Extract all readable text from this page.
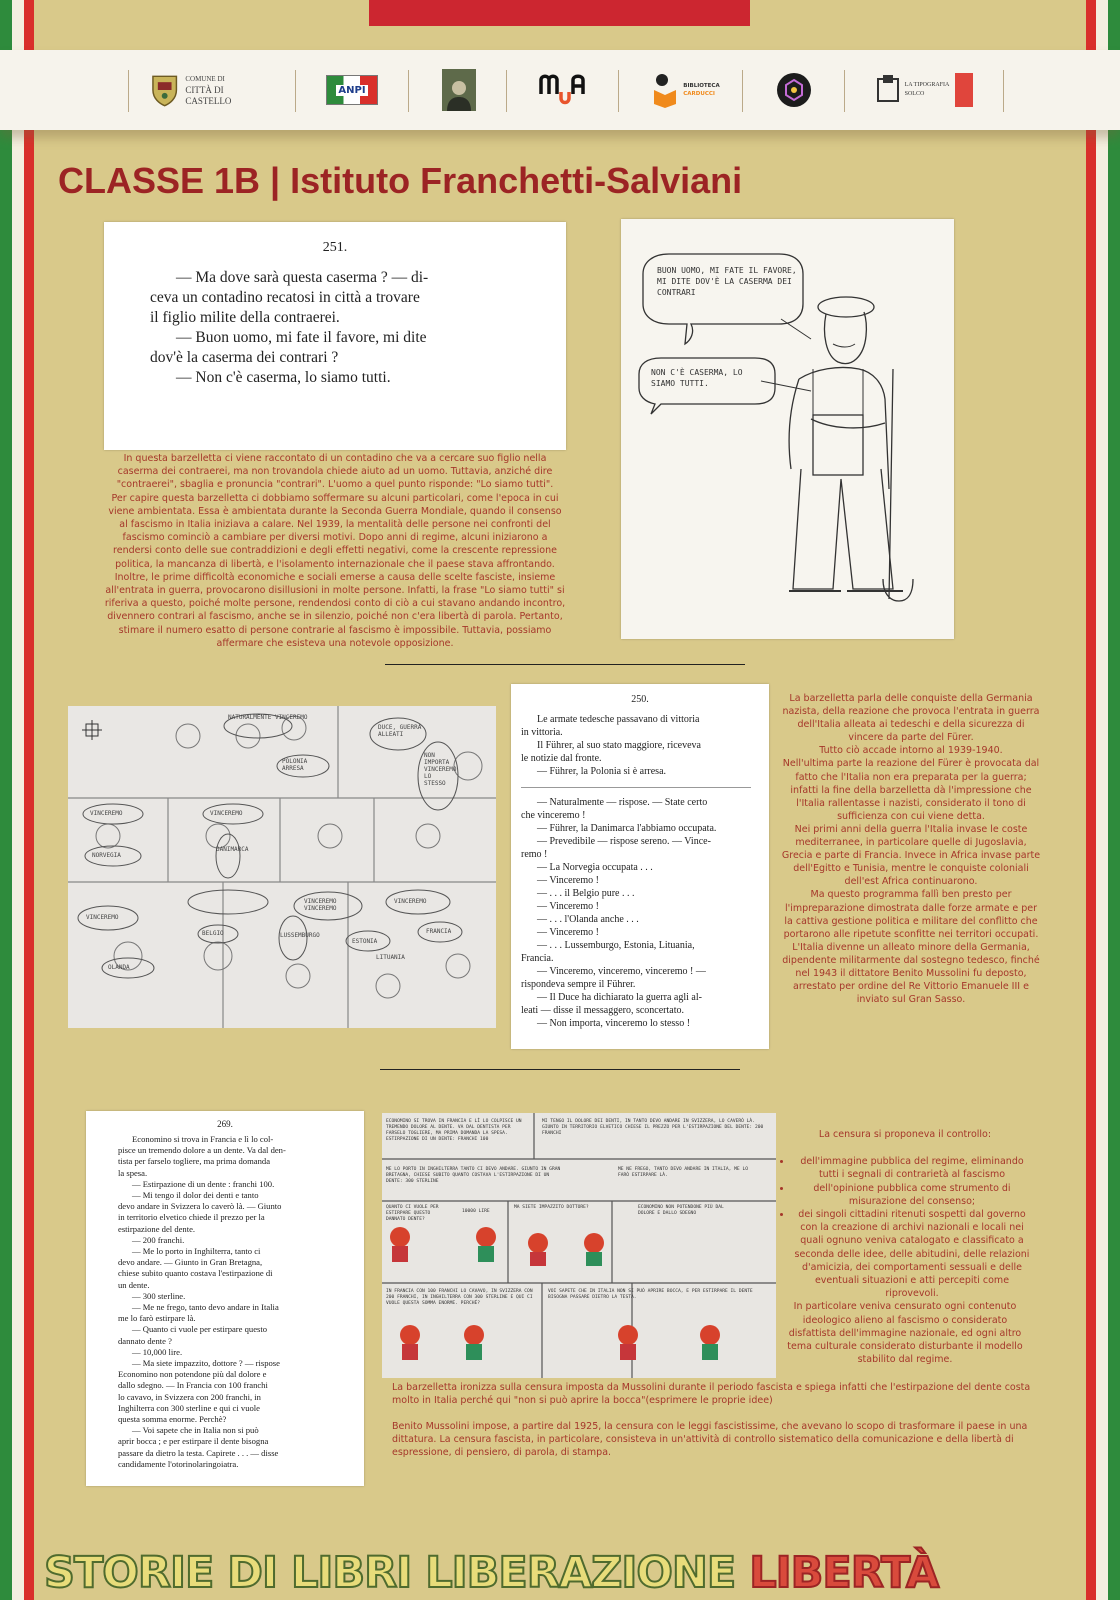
COMUNE DI
CITTÀ DI CASTELLO
ANPI	BIBLIOTECA
CARDUCCI
LA TIPOGRAFIA
SOLCO
CLASSE 1B | Istituto Franchetti-Salviani
251.
— Ma dove sarà questa caserma ? — di-
ceva un contadino recatosi in città a trovare
il figlio milite della contraerei.
— Buon uomo, mi fate il favore, mi dite
dov'è la caserma dei contrari ?
— Non c'è caserma, lo siamo tutti.

In questa barzelletta ci viene raccontato di un contadino che va a cercare suo figlio nella caserma dei contraerei, ma non trovandola chiede aiuto ad un uomo. Tuttavia, anziché dire "contraerei", sbaglia e pronuncia "contrari". L'uomo a quel punto risponde: "Lo siamo tutti".
Per capire questa barzelletta ci dobbiamo soffermare su alcuni particolari, come l'epoca in cui viene ambientata. Essa è ambientata durante la Seconda Guerra Mondiale, quando il consenso al fascismo in Italia iniziava a calare. Nel 1939, la mentalità delle persone nei confronti del fascismo cominciò a cambiare per diversi motivi. Dopo anni di regime, alcuni iniziarono a rendersi conto delle sue contraddizioni e degli effetti negativi, come la crescente repressione politica, la mancanza di libertà, e l'isolamento internazionale che il paese stava affrontando. Inoltre, le prime difficoltà economiche e sociali emerse a causa delle scelte fasciste, insieme all'entrata in guerra, provocarono disillusioni in molte persone. Infatti, la frase "Lo siamo tutti" si riferiva a questo, poiché molte persone, rendendosi conto di ciò a cui stavano andando incontro, divennero contrari al fascismo, anche se in silenzio, poiché non c'era libertà di parola. Pertanto, stimare il numero esatto di persone contrarie al fascismo è impossibile. Tuttavia, possiamo affermare che esisteva una notevole opposizione.

BUON UOMO, MI FATE IL FAVORE, MI DITE DOV'È LA CASERMA DEI CONTRARI
NON C'È CASERMA, LO SIAMO TUTTI.
NATURALMENTE VINCEREMO
DUCE, GUERRA ALLEATI
POLONIA ARRESA
NON IMPORTA VINCEREMO LO STESSO
VINCEREMO	VINCEREMO
NORVEGIA
DANIMARCA
VINCEREMO
BELGIO
VINCEREMO VINCEREMO
VINCEREMO
OLANDA
LUSSEMBURGO
ESTONIA
LITUANIA
FRANCIA
250.
Le armate tedesche passavano di vittoria
in vittoria.
Il Führer, al suo stato maggiore, riceveva
le notizie dal fronte.
— Führer, la Polonia si è arresa.
— Naturalmente — rispose. — State certo
che vinceremo !
— Führer, la Danimarca l'abbiamo occupata.
— Prevedibile — rispose sereno. — Vince-
remo !
— La Norvegia occupata . . .
— Vinceremo !
— . . . il Belgio pure . . .
— Vinceremo !
— . . . l'Olanda anche . . .
— Vinceremo !
— . . . Lussemburgo, Estonia, Lituania,
Francia.
— Vinceremo, vinceremo, vinceremo ! —
rispondeva sempre il Führer.
— Il Duce ha dichiarato la guerra agli al-
leati — disse il messaggero, sconcertato.
— Non importa, vinceremo lo stesso !

La barzelletta parla delle conquiste della Germania nazista, della reazione che provoca l'entrata in guerra dell'Italia alleata ai tedeschi e della sicurezza di vincere da parte del Fürer.
Tutto ciò accade intorno al 1939-1940.
Nell'ultima parte la reazione del Fürer è provocata dal fatto che l'Italia non era preparata per la guerra; infatti la fine della barzelletta dà l'impressione che l'Italia rallentasse i nazisti, considerato il tono di sufficienza con cui viene detta.
Nei primi anni della guerra l'Italia invase le coste mediterranee, in particolare quelle di Jugoslavia, Grecia e parte di Francia. Invece in Africa invase parte dell'Egitto e Tunisia, mentre le conquiste coloniali dell'est Africa continuarono.
Ma questo programma fallì ben presto per l'impreparazione dimostrata dalle forze armate e per la cattiva gestione politica e militare del conflitto che portarono alle ripetute sconfitte nei territori occupati.
L'Italia divenne un alleato minore della Germania, dipendente militarmente dal sostegno tedesco, finché nel 1943 il dittatore Benito Mussolini fu deposto, arrestato per ordine del Re Vittorio Emanuele III e inviato sul Gran Sasso.

269.
Economino si trova in Francia e lì lo col-
pisce un tremendo dolore a un dente. Va dal den-
tista per farselo togliere, ma prima domanda
la spesa.
— Estirpazione di un dente : franchi 100.
— Mi tengo il dolor dei denti e tanto
devo andare in Svizzera lo caverò là. — Giunto
in territorio elvetico chiede il prezzo per la
estirpazione del dente.
— 200 franchi.
— Me lo porto in Inghilterra, tanto ci
devo andare. — Giunto in Gran Bretagna,
chiese subito quanto costava l'estirpazione di
un dente.
— 300 sterline.
— Me ne frego, tanto devo andare in Italia
me lo farò estirpare là.
— Quanto ci vuole per estirpare questo
dannato dente ?
— 10,000 lire.
— Ma siete impazzito, dottore ? — rispose
Economino non potendone più dal dolore e
dallo sdegno. — In Francia con 100 franchi
lo cavavo, in Svizzera con 200 franchi, in
Inghilterra con 300 sterline e qui ci vuole
questa somma enorme. Perchè?
— Voi sapete che in Italia non si può
aprir bocca ; e per estirpare il dente bisogna
passare da dietro la testa. Capirete . . . — disse
candidamente l'otorinolaringoiatra.
ECONOMINO SI TROVA IN FRANCIA E LÌ LO COLPISCE UN TREMENDO DOLORE AL DENTE. VA DAL DENTISTA PER FARSELO TOGLIERE, MA PRIMA DOMANDA LA SPESA. ESTIRPAZIONE DI UN DENTE: FRANCHI 100
MI TENGO IL DOLORE DEI DENTI, IN TANTO DEVO ANDARE IN SVIZZERA, LO CAVERÒ LÀ. GIUNTO IN TERRITORIO ELVETICO CHIESE IL PREZZO PER L'ESTIRPAZIONE DEL DENTE: 200 FRANCHI
ME LO PORTO IN INGHILTERRA TANTO CI DEVO ANDARE. GIUNTO IN GRAN BRETAGNA, CHIESE SUBITO QUANTO COSTAVA L'ESTIRPAZIONE DI UN DENTE: 300 STERLINE
ME NE FREGO, TANTO DEVO ANDARE IN ITALIA, ME LO FARÒ ESTIRPARE LÀ.
QUANTO CI VUOLE PER ESTIRPARE QUESTO DANNATO DENTE?
10000 LIRE
MA SIETE IMPAZZITO DOTTORE?	ECONOMINO NON POTENDONE PIÙ DAL DOLORE E DALLO SDEGNO
IN FRANCIA CON 100 FRANCHI LO CAVAVO, IN SVIZZERA CON 200 FRANCHI, IN INGHILTERRA CON 300 STERLINE E QUI CI VUOLE QUESTA SOMMA ENORME. PERCHÉ?
VOI SAPETE CHE IN ITALIA NON SI PUÒ APRIRE BOCCA, E PER ESTIRPARE IL DENTE BISOGNA PASSARE DIETRO LA TESTA.
La censura si proponeva il controllo:
• dell'immagine pubblica del regime, eliminando tutti i segnali di contrarietà al fascismo
• dell'opinione pubblica come strumento di misurazione del consenso;
• dei singoli cittadini ritenuti sospetti dal governo con la creazione di archivi nazionali e locali nei quali ognuno veniva catalogato e classificato a seconda delle idee, delle abitudini, delle relazioni d'amicizia, dei comportamenti sessuali e delle eventuali situazioni e atti percepiti come riprovevoli.
In particolare veniva censurato ogni contenuto ideologico alieno al fascismo o considerato disfattista dell'immagine nazionale, ed ogni altro tema culturale considerato disturbante il modello stabilito dal regime.
La barzelletta ironizza sulla censura imposta da Mussolini durante il periodo fascista e spiega infatti che l'estirpazione del dente costa molto in Italia perché qui "non si può aprire la bocca"(esprimere le proprie idee)
Benito Mussolini impose, a partire dal 1925, la censura con le leggi fascistissime, che avevano lo scopo di trasformare il paese in una dittatura. La censura fascista, in particolare, consisteva in un'attività di controllo sistematico della comunicazione e della libertà di espressione, di pensiero, di parola, di stampa.
STORIE DI LIBRI LIBERAZIONE LIBERTÀ
